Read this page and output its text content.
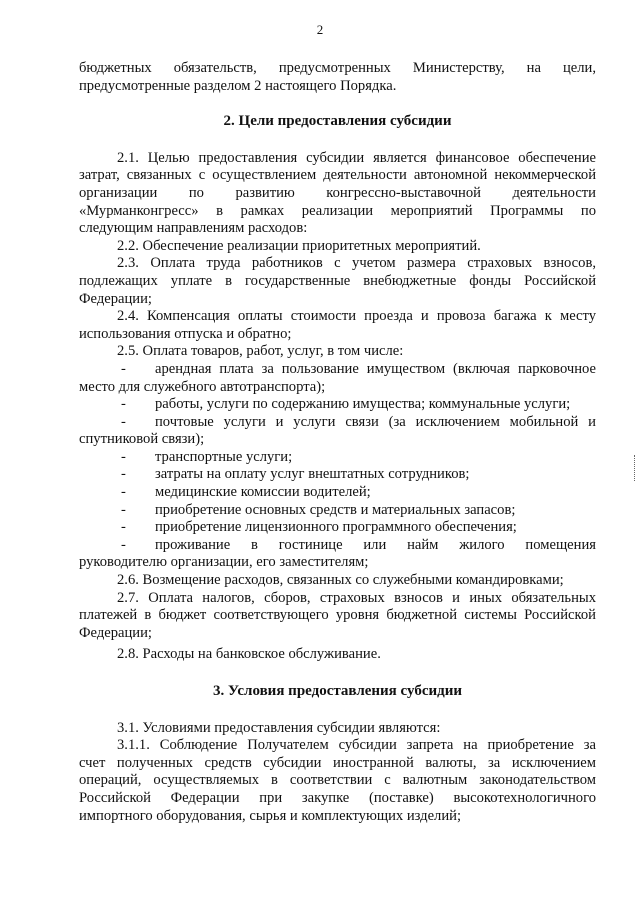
2

бюджетных обязательств, предусмотренных Министерству, на цели,

предусмотренные разделом 2 настоящего Порядка.

2. Цели предоставления субсидии

2.1. Целью предоставления субсидии является финансовое обеспечение

затрат, связанных с осуществлением деятельности автономной некоммерческой

организации по развитию конгрессно-выставочной деятельности

«Мурманконгресс» в рамках реализации мероприятий Программы по

следующим направлениям расходов:

2.2. Обеспечение реализации приоритетных мероприятий.

2.3. Оплата труда работников с учетом размера страховых взносов,

подлежащих уплате в государственные внебюджетные фонды Российской

Федерации;

2.4. Компенсация оплаты стоимости проезда и провоза багажа к месту

использования отпуска и обратно;

2.5. Оплата товаров, работ, услуг, в том числе:

-	арендная плата за пользование имуществом (включая парковочное

место для служебного автотранспорта);

-	работы, услуги по содержанию имущества; коммунальные услуги;
-	почтовые услуги и услуги связи (за исключением мобильной и

спутниковой связи);

-	транспортные услуги;
-	затраты на оплату услуг внештатных сотрудников;
-	медицинские комиссии водителей;
-	приобретение основных средств и материальных запасов;
-	приобретение лицензионного программного обеспечения;
-	проживание в гостинице или найм жилого помещения

руководителю организации, его заместителям;

2.6. Возмещение расходов, связанных со служебными командировками;

2.7. Оплата налогов, сборов, страховых взносов и иных обязательных

платежей в бюджет соответствующего уровня бюджетной системы Российской

Федерации;

2.8. Расходы на банковское обслуживание.

3. Условия предоставления субсидии

3.1. Условиями предоставления субсидии являются:

3.1.1. Соблюдение Получателем субсидии запрета на приобретение за

счет полученных средств субсидии иностранной валюты, за исключением

операций, осуществляемых в соответствии с валютным законодательством

Российской Федерации при закупке (поставке) высокотехнологичного

импортного оборудования, сырья и комплектующих изделий;
